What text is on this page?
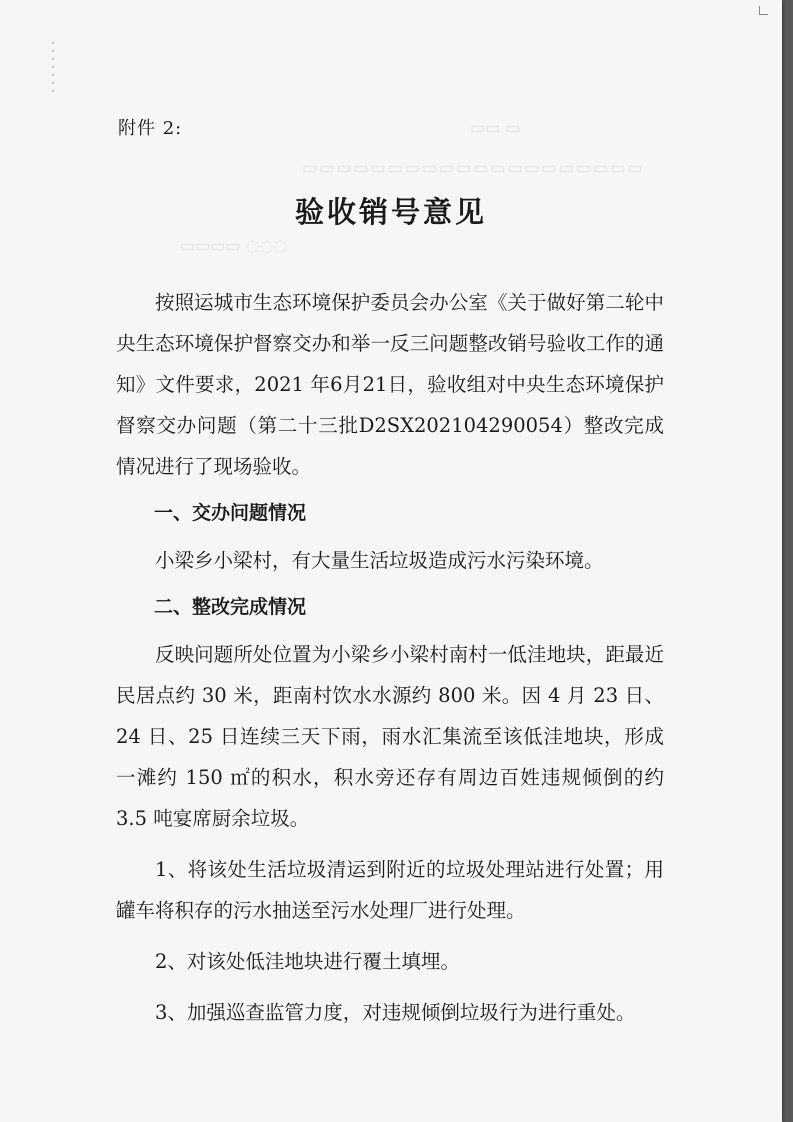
▭ ▭▭
▭▭▭▭▭▭▭▭▭▭▭▭▭▭▭▭▭▭▭▭
◌◌◌ ▭▭▭▭
附件 2:
验收销号意见

按照运城市生态环境保护委员会办公室《关于做好第二轮中央生态环境保护督察交办和举一反三问题整改销号验收工作的通知》文件要求，2021 年6月21日，验收组对中央生态环境保护督察交办问题（第二十三批D2SX202104290054）整改完成情况进行了现场验收。

一、交办问题情况

小梁乡小梁村，有大量生活垃圾造成污水污染环境。

二、整改完成情况

反映问题所处位置为小梁乡小梁村南村一低洼地块，距最近民居点约 30 米，距南村饮水水源约 800 米。因 4 月 23 日、24 日、25 日连续三天下雨，雨水汇集流至该低洼地块，形成一滩约 150 ㎡的积水，积水旁还存有周边百姓违规倾倒的约 3.5 吨宴席厨余垃圾。

1、将该处生活垃圾清运到附近的垃圾处理站进行处置；用罐车将积存的污水抽送至污水处理厂进行处理。

2、对该处低洼地块进行覆土填埋。

3、加强巡查监管力度，对违规倾倒垃圾行为进行重处。
